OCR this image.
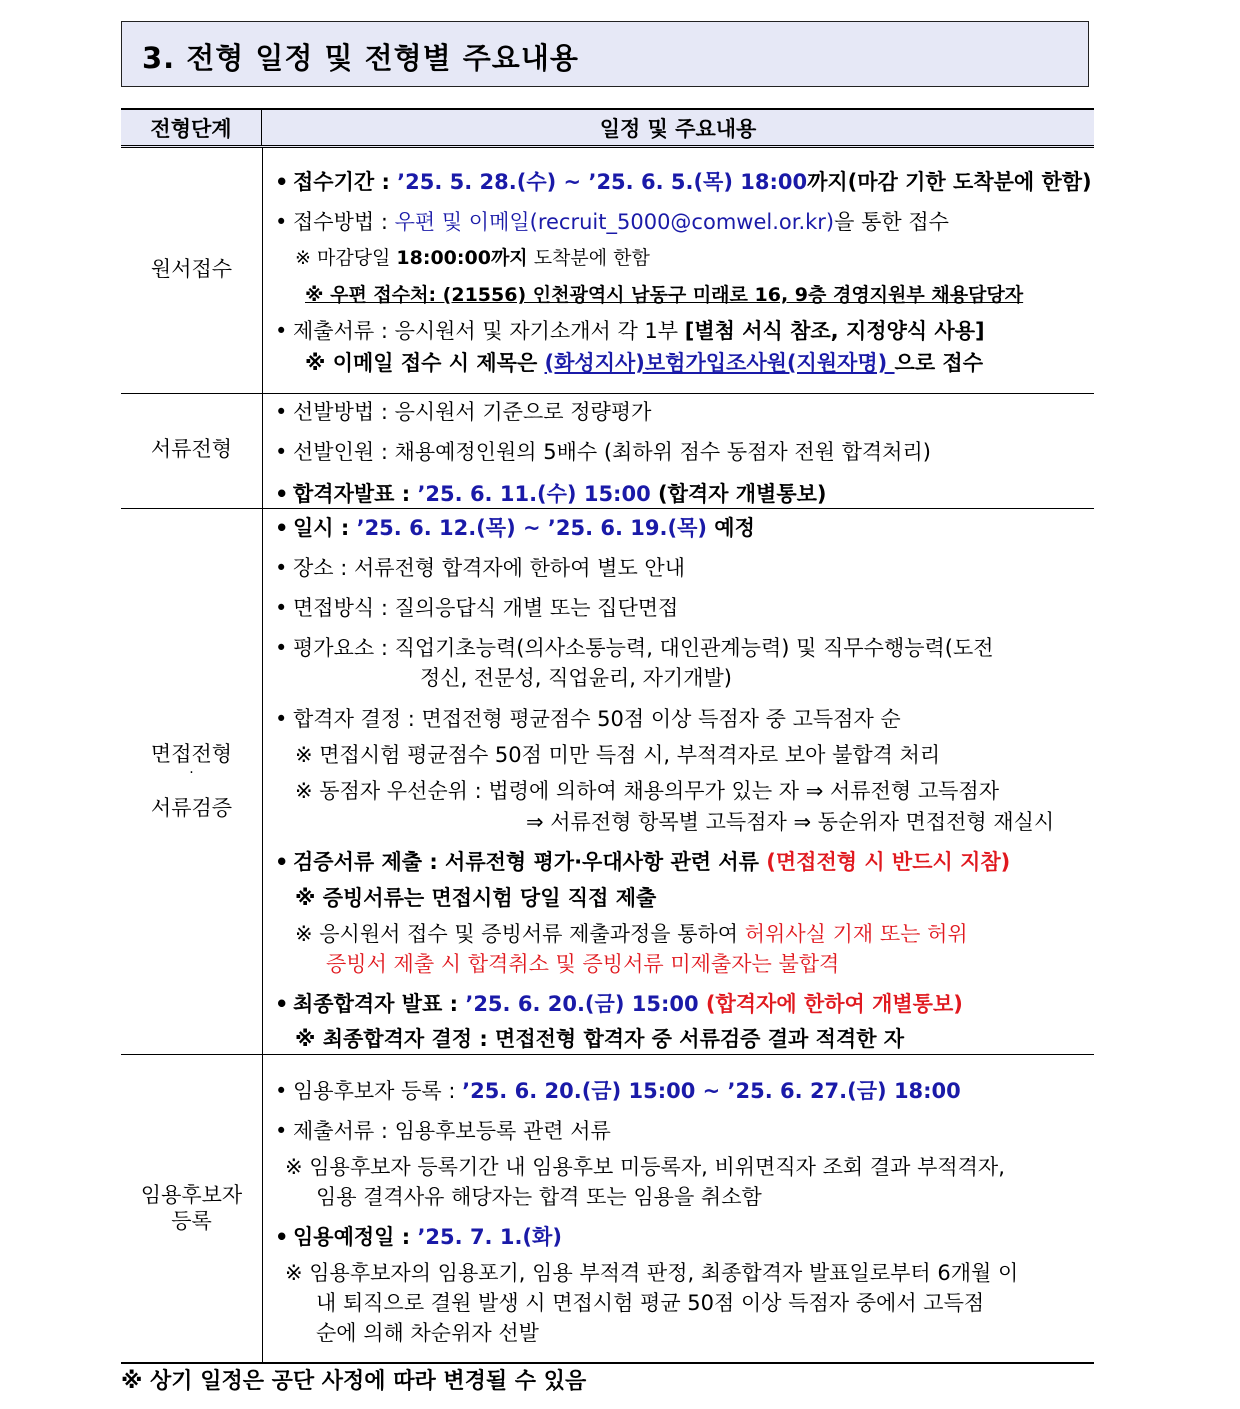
3. 전형 일정 및 전형별 주요내용
전형단계	일정 및 주요내용
원서접수
서류전형
면접전형
·
서류검증
임용후보자
등록
• 접수기간 : ’25. 5. 28.(수) ~ ’25. 6. 5.(목) 18:00까지(마감 기한 도착분에 한함)
• 접수방법 : 우편 및 이메일(recruit_5000@comwel.or.kr)을 통한 접수
※ 마감당일 18:00:00까지 도착분에 한함
※ 우편 접수처: (21556) 인천광역시 남동구 미래로 16, 9층 경영지원부 채용담당자
• 제출서류 : 응시원서 및 자기소개서 각 1부 [별첨 서식 참조, 지정양식 사용]
※ 이메일 접수 시 제목은 (화성지사)보험가입조사원(지원자명) 으로 접수
• 선발방법 : 응시원서 기준으로 정량평가
• 선발인원 : 채용예정인원의 5배수 (최하위 점수 동점자 전원 합격처리)
• 합격자발표 : ’25. 6. 11.(수) 15:00 (합격자 개별통보)
• 일시 : ’25. 6. 12.(목) ~ ’25. 6. 19.(목) 예정
• 장소 : 서류전형 합격자에 한하여 별도 안내
• 면접방식 : 질의응답식 개별 또는 집단면접
• 평가요소 : 직업기초능력(의사소통능력, 대인관계능력) 및 직무수행능력(도전
정신, 전문성, 직업윤리, 자기개발)
• 합격자 결정 : 면접전형 평균점수 50점 이상 득점자 중 고득점자 순
※ 면접시험 평균점수 50점 미만 득점 시, 부적격자로 보아 불합격 처리
※ 동점자 우선순위 : 법령에 의하여 채용의무가 있는 자 ⇒ 서류전형 고득점자
⇒ 서류전형 항목별 고득점자 ⇒ 동순위자 면접전형 재실시
• 검증서류 제출 : 서류전형 평가·우대사항 관련 서류 (면접전형 시 반드시 지참)
※ 증빙서류는 면접시험 당일 직접 제출
※ 응시원서 접수 및 증빙서류 제출과정을 통하여 허위사실 기재 또는 허위
증빙서 제출 시 합격취소 및 증빙서류 미제출자는 불합격
• 최종합격자 발표 : ’25. 6. 20.(금) 15:00 (합격자에 한하여 개별통보)
※ 최종합격자 결정 : 면접전형 합격자 중 서류검증 결과 적격한 자
• 임용후보자 등록 : ’25. 6. 20.(금) 15:00 ~ ’25. 6. 27.(금) 18:00
• 제출서류 : 임용후보등록 관련 서류
※ 임용후보자 등록기간 내 임용후보 미등록자, 비위면직자 조회 결과 부적격자,
임용 결격사유 해당자는 합격 또는 임용을 취소함
• 임용예정일 : ’25. 7. 1.(화)
※ 임용후보자의 임용포기, 임용 부적격 판정, 최종합격자 발표일로부터 6개월 이
내 퇴직으로 결원 발생 시 면접시험 평균 50점 이상 득점자 중에서 고득점
순에 의해 차순위자 선발
※ 상기 일정은 공단 사정에 따라 변경될 수 있음
